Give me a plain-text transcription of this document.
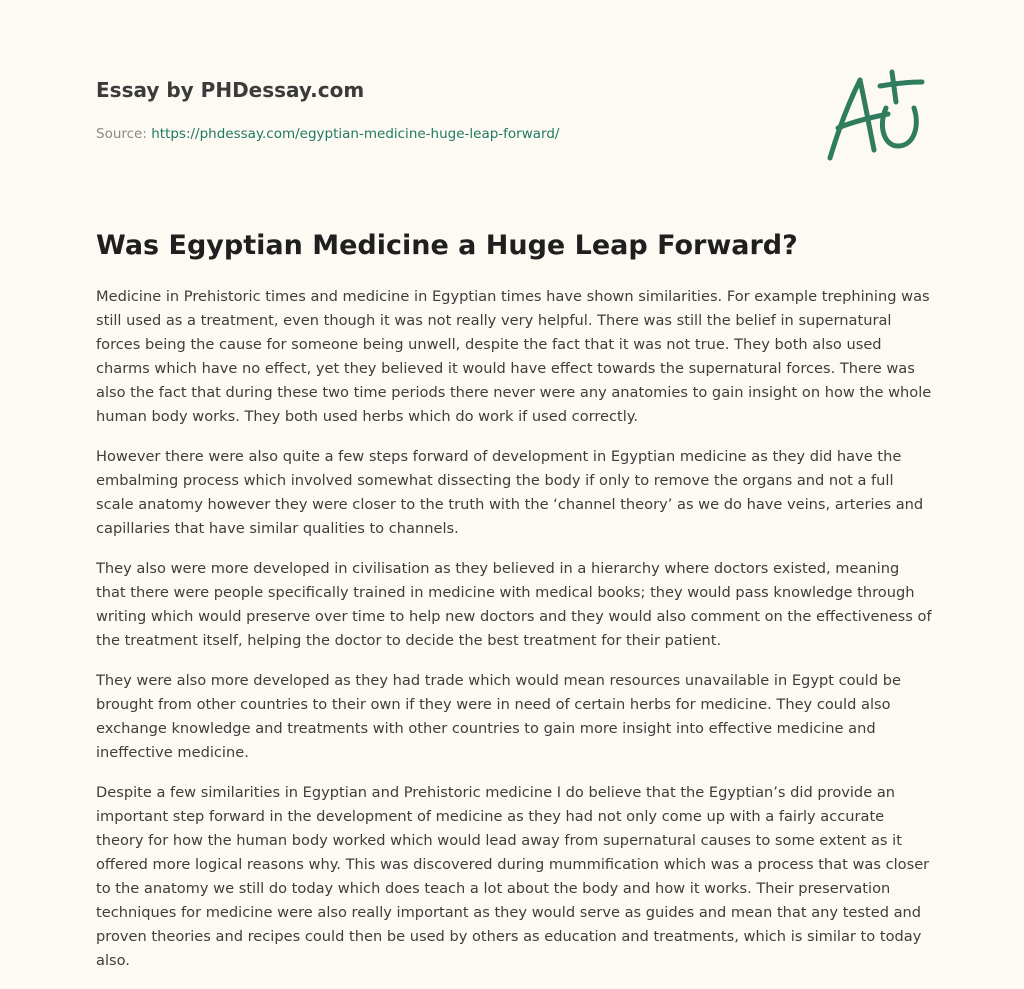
Essay by PHDessay.com

Source: https://phdessay.com/egyptian-medicine-huge-leap-forward/
Was Egyptian Medicine a Huge Leap Forward?

Medicine in Prehistoric times and medicine in Egyptian times have shown similarities. For example trephining was still used as a treatment, even though it was not really very helpful. There was still the belief in supernatural forces being the cause for someone being unwell, despite the fact that it was not true. They both also used charms which have no effect, yet they believed it would have effect towards the supernatural forces. There was also the fact that during these two time periods there never were any anatomies to gain insight on how the whole human body works. They both used herbs which do work if used correctly.

However there were also quite a few steps forward of development in Egyptian medicine as they did have the embalming process which involved somewhat dissecting the body if only to remove the organs and not a full scale anatomy however they were closer to the truth with the ‘channel theory’ as we do have veins, arteries and capillaries that have similar qualities to channels.

They also were more developed in civilisation as they believed in a hierarchy where doctors existed, meaning that there were people specifically trained in medicine with medical books; they would pass knowledge through writing which would preserve over time to help new doctors and they would also comment on the effectiveness of the treatment itself, helping the doctor to decide the best treatment for their patient.

They were also more developed as they had trade which would mean resources unavailable in Egypt could be brought from other countries to their own if they were in need of certain herbs for medicine. They could also exchange knowledge and treatments with other countries to gain more insight into effective medicine and ineffective medicine.

Despite a few similarities in Egyptian and Prehistoric medicine I do believe that the Egyptian’s did provide an important step forward in the development of medicine as they had not only come up with a fairly accurate theory for how the human body worked which would lead away from supernatural causes to some extent as it offered more logical reasons why. This was discovered during mummification which was a process that was closer to the anatomy we still do today which does teach a lot about the body and how it works. Their preservation techniques for medicine were also really important as they would serve as guides and mean that any tested and proven theories and recipes could then be used by others as education and treatments, which is similar to today also.
